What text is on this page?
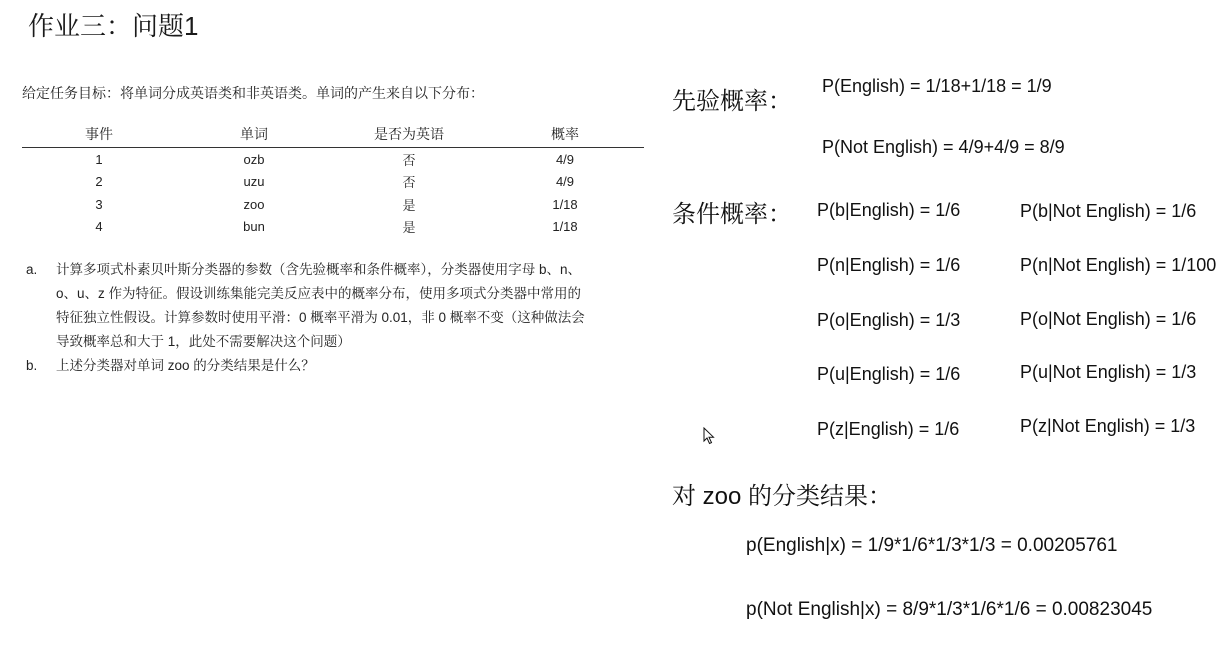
作业三：问题1
给定任务目标：将单词分成英语类和非英语类。单词的产生来自以下分布：
事件	单词	是否为英语	概率
1	ozb	否	4/9
2	uzu	否	4/9
3	zoo	是	1/18
4	bun	是	1/18
a. 计算多项式朴素贝叶斯分类器的参数（含先验概率和条件概率），分类器使用字母 b、n、
o、u、z 作为特征。假设训练集能完美反应表中的概率分布，使用多项式分类器中常用的
特征独立性假设。计算参数时使用平滑：0 概率平滑为 0.01，非 0 概率不变（这种做法会
导致概率总和大于 1，此处不需要解决这个问题）
b. 上述分类器对单词 zoo 的分类结果是什么？
先验概率：
P(English) = 1/18+1/18 = 1/9
P(Not English) = 4/9+4/9 = 8/9
条件概率： P(b|English) = 1/6
P(n|English) = 1/6
P(o|English) = 1/3
P(u|English) = 1/6
P(z|English) = 1/6
P(b|Not English) = 1/6
P(n|Not English) = 1/100
P(o|Not English) = 1/6
P(u|Not English) = 1/3
P(z|Not English) = 1/3
对 zoo 的分类结果：
p(English|x) = 1/9*1/6*1/3*1/3 = 0.00205761
p(Not English|x) = 8/9*1/3*1/6*1/6 = 0.00823045
